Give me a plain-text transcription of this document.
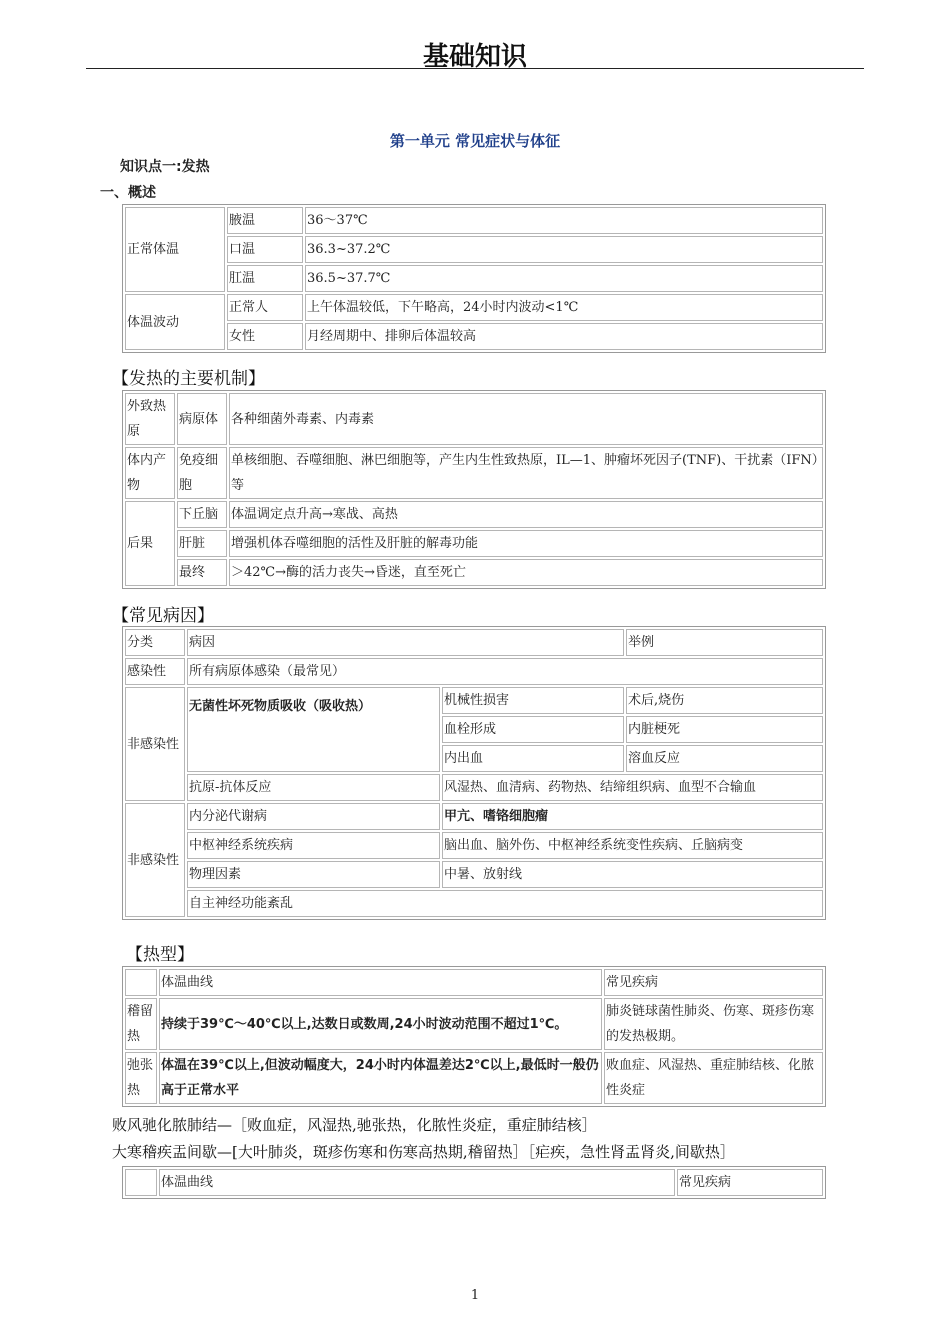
基础知识
第一单元 常见症状与体征
知识点一:发热
一、概述
正常体温	腋温	36～37℃
	口温	36.3~37.2℃
	肛温	36.5~37.7℃
体温波动	正常人	上午体温较低，下午略高，24小时内波动<1℃
	女性	月经周期中、排卵后体温较高
【发热的主要机制】
外致热原	病原体	各种细菌外毒素、内毒素
体内产物	免疫细胞	单核细胞、吞噬细胞、淋巴细胞等，产生内生性致热原，IL—1、肿瘤坏死因子(TNF)、干扰素（IFN）等
后果	下丘脑	体温调定点升高→寒战、高热
	肝脏	增强机体吞噬细胞的活性及肝脏的解毒功能
	最终	＞42℃→酶的活力丧失→昏迷，直至死亡
【常见病因】
分类	病因		举例
感染性	所有病原体感染（最常见）		
非感染性	无菌性坏死物质吸收（吸收热）	机械性损害	术后,烧伤
		血栓形成	内脏梗死
		内出血	溶血反应
	抗原-抗体反应	风湿热、血清病、药物热、结缔组织病、血型不合输血	
非感染性	内分泌代谢病	甲亢、嗜铬细胞瘤	
	中枢神经系统疾病	脑出血、脑外伤、中枢神经系统变性疾病、丘脑病变	
	物理因素	中暑、放射线	
	自主神经功能紊乱		
【热型】
	体温曲线	常见疾病
稽留热	持续于39℃～40℃以上,达数日或数周,24小时波动范围不超过1℃。	肺炎链球菌性肺炎、伤寒、斑疹伤寒的发热极期。
弛张热	体温在39℃以上,但波动幅度大，24小时内体温差达2℃以上,最低时一般仍高于正常水平	败血症、风湿热、重症肺结核、化脓性炎症
败风驰化脓肺结—［败血症，风湿热,驰张热，化脓性炎症，重症肺结核］
大寒稽疾盂间歇—[大叶肺炎，斑疹伤寒和伤寒高热期,稽留热］［疟疾，急性肾盂肾炎,间歇热］
	体温曲线	常见疾病
1
